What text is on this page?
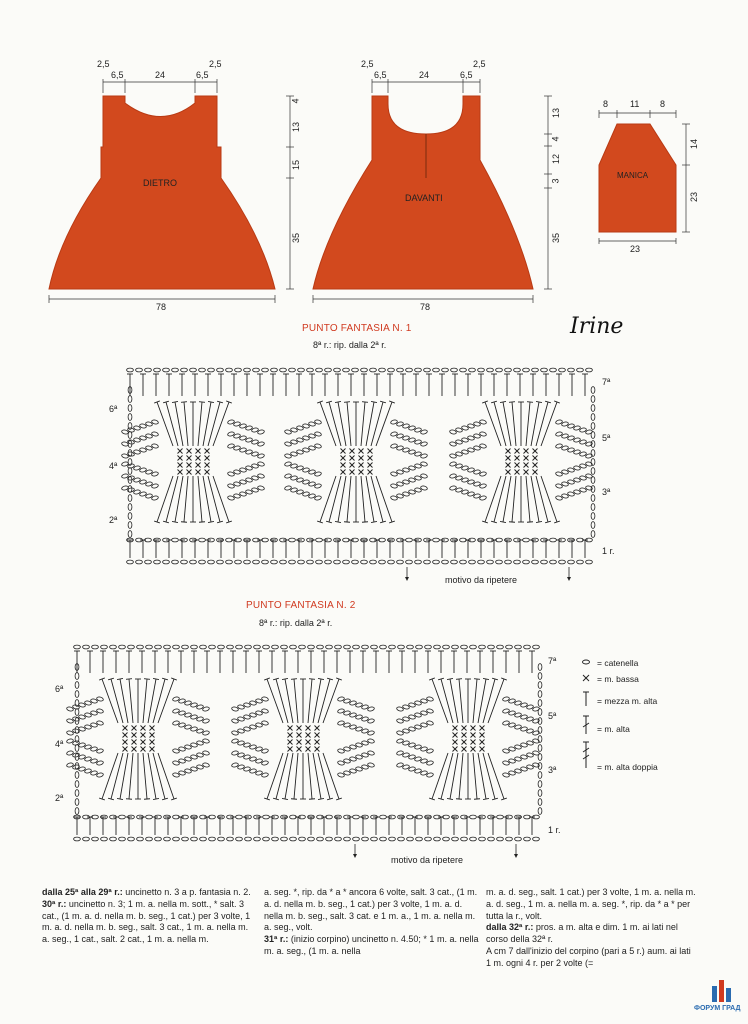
DIETRO
DAVANTI
MANICA
2,5
6,5	24	6,5
2,5
4
13
15
35
78
2,5
6,5	24	6,5
2,5
13
4
12
3
35
78
8 11 8
14
23
23
Irine
PUNTO FANTASIA N. 1
8ª r.: rip. dalla 2ª r.
6ª
4ª
2ª
7ª
5ª
3ª
1 r.
motivo da ripetere
PUNTO FANTASIA N. 2
8ª r.: rip. dalla 2ª r.
6ª
4ª
2ª
7ª
5ª
3ª
1 r.
motivo da ripetere
= catenella
= m. bassa
= mezza m. alta
= m. alta
= m. alta doppia

dalla 25ª alla 29ª r.: uncinetto n. 3 a p. fantasia n. 2.

30ª r.: uncinetto n. 3; 1 m. a. nella m. sott., * salt. 3 cat., (1 m. a. d. nella m. b. seg., 1 cat.) per 3 volte, 1 m. a. d. nella m. b. seg., salt. 3 cat., 1 m. a. nella m. a. seg., 1 cat., salt. 2 cat., 1 m. a. nella m.

a. seg. *, rip. da * a * ancora 6 volte, salt. 3 cat., (1 m. a. d. nella m. b. seg., 1 cat.) per 3 volte, 1 m. a. d. nella m. b. seg., salt. 3 cat. e 1 m. a., 1 m. a. nella m. a. seg., volt.

31ª r.: (inizio corpino) uncinetto n. 4.50; * 1 m. a. nella m. a. seg., (1 m. a. nella

m. a. d. seg., salt. 1 cat.) per 3 volte, 1 m. a. nella m. a. d. seg., 1 m. a. nella m. a. seg. *, rip. da * a * per tutta la r., volt.

dalla 32ª r.: pros. a m. alta e dim. 1 m. ai lati nel corso della 32ª r.

A cm 7 dall'inizio del corpino (pari a 5 r.) aum. ai lati 1 m. ogni 4 r. per 2 volte (=

ФОРУМ ГРАД
